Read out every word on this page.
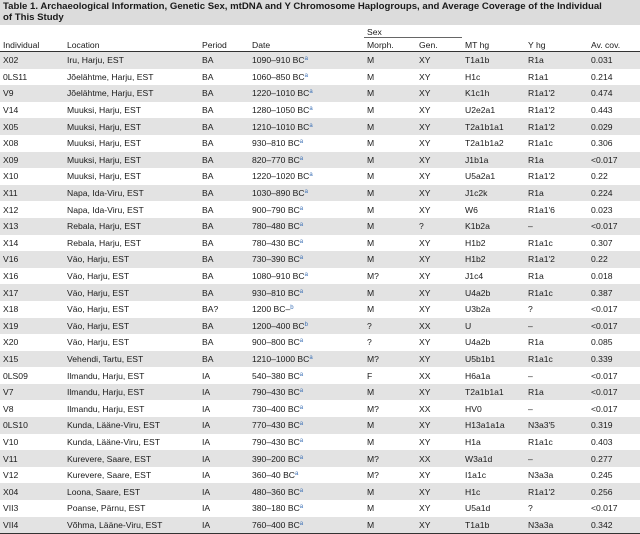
Table 1. Archaeological Information, Genetic Sex, mtDNA and Y Chromosome Haplogroups, and Average Coverage of the Individual
of This Study
				Sex				
Individual	Location	Period	Date	Morph.	Gen.	MT hg	Y hg	Av. cov.
X02	Iru, Harju, EST	BA	1090–910 $BC^a$	M	XY	T1a1b	R1a	0.031
0LS11	Jõelähtme, Harju, EST	BA	1060–850 $BC^a$	M	XY	H1c	R1a1	0.214
V9	Jõelähtme, Harju, EST	BA	1220–1010 $BC^a$	M	XY	K1c1h	R1a1'2	0.474
V14	Muuksi, Harju, EST	BA	1280–1050 $BC^a$	M	XY	U2e2a1	R1a1'2	0.443
X05	Muuksi, Harju, EST	BA	1210–1010 $BC^a$	M	XY	T2a1b1a1	R1a1'2	0.029
X08	Muuksi, Harju, EST	BA	930–810 $BC^a$	M	XY	T2a1b1a2	R1a1c	0.306
X09	Muuksi, Harju, EST	BA	820–770 $BC^a$	M	XY	J1b1a	R1a	<0.017
X10	Muuksi, Harju, EST	BA	1220–1020 $BC^a$	M	XY	U5a2a1	R1a1'2	0.22
X11	Napa, Ida-Viru, EST	BA	1030–890 $BC^a$	M	XY	J1c2k	R1a	0.224
X12	Napa, Ida-Viru, EST	BA	900–790 $BC^a$	M	XY	W6	R1a1'6	0.023
X13	Rebala, Harju, EST	BA	780–480 $BC^a$	M	?	K1b2a	–	<0.017
X14	Rebala, Harju, EST	BA	780–430 $BC^a$	M	XY	H1b2	R1a1c	0.307
V16	Väo, Harju, EST	BA	730–390 $BC^a$	M	XY	H1b2	R1a1'2	0.22
X16	Väo, Harju, EST	BA	1080–910 $BC^a$	M?	XY	J1c4	R1a	0.018
X17	Väo, Harju, EST	BA	930–810 $BC^a$	M	XY	U4a2b	R1a1c	0.387
X18	Väo, Harju, EST	BA?	1200 BC–$^b$	M	XY	U3b2a	?	<0.017
X19	Väo, Harju, EST	BA	1200–400 $BC^b$	?	XX	U	–	<0.017
X20	Väo, Harju, EST	BA	900–800 $BC^a$	?	XY	U4a2b	R1a	0.085
X15	Vehendi, Tartu, EST	BA	1210–1000 $BC^a$	M?	XY	U5b1b1	R1a1c	0.339
0LS09	Ilmandu, Harju, EST	IA	540–380 $BC^a$	F	XX	H6a1a	–	<0.017
V7	Ilmandu, Harju, EST	IA	790–430 $BC^a$	M	XY	T2a1b1a1	R1a	<0.017
V8	Ilmandu, Harju, EST	IA	730–400 $BC^a$	M?	XX	HV0	–	<0.017
0LS10	Kunda, Lääne-Viru, EST	IA	770–430 $BC^a$	M	XY	H13a1a1a	N3a3'5	0.319
V10	Kunda, Lääne-Viru, EST	IA	790–430 $BC^a$	M	XY	H1a	R1a1c	0.403
V11	Kurevere, Saare, EST	IA	390–200 $BC^a$	M?	XX	W3a1d	–	0.277
V12	Kurevere, Saare, EST	IA	360–40 $BC^a$	M?	XY	I1a1c	N3a3a	0.245
X04	Loona, Saare, EST	IA	480–360 $BC^a$	M	XY	H1c	R1a1'2	0.256
VII3	Poanse, Pärnu, EST	IA	380–180 $BC^a$	M	XY	U5a1d	?	<0.017
VII4	Võhma, Lääne-Viru, EST	IA	760–400 $BC^a$	M	XY	T1a1b	N3a3a	0.342
